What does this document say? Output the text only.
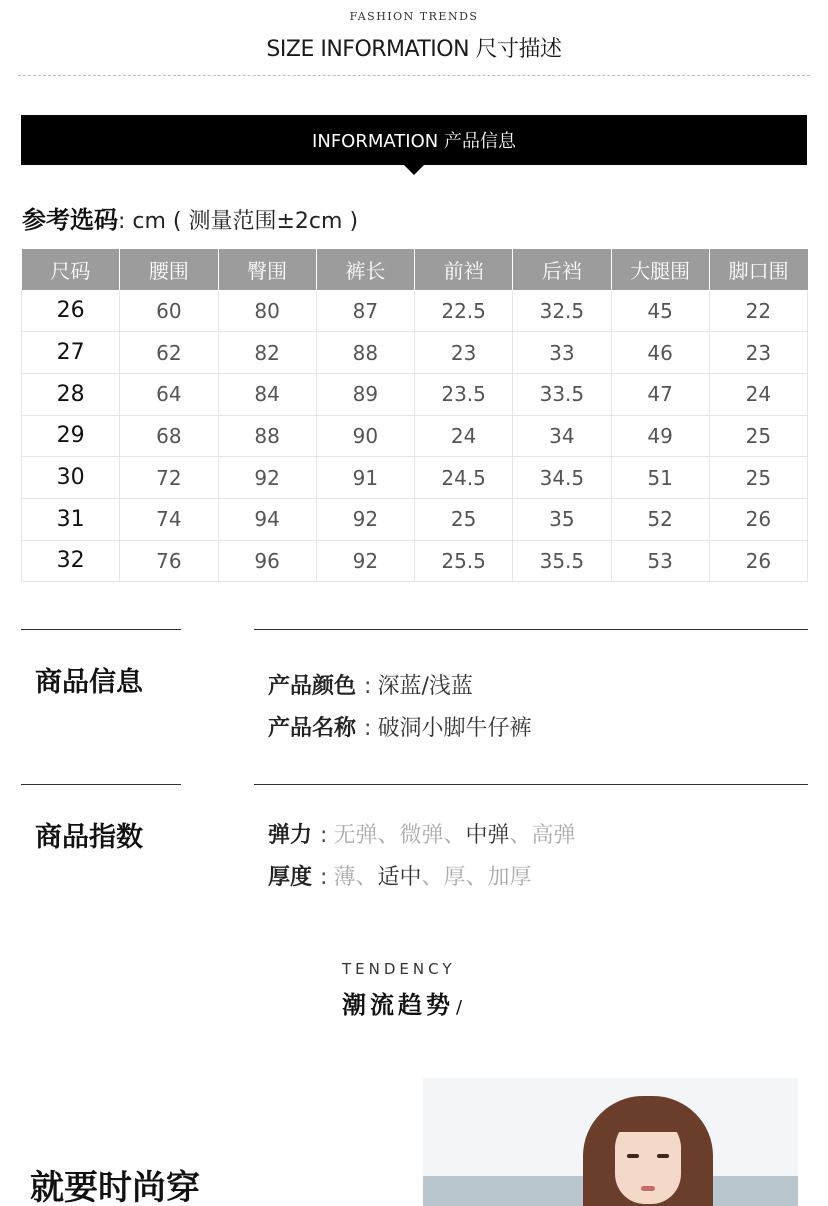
FASHION TRENDS
SIZE INFORMATION 尺寸描述
INFORMATION 产品信息
参考选码 : cm ( 测量范围±2cm )
尺码	腰围	臀围	裤长	前裆	后裆	大腿围	脚口围
26	60	80	87	22.5	32.5	45	22
27	62	82	88	23	33	46	23
28	64	84	89	23.5	33.5	47	24
29	68	88	90	24	34	49	25
30	72	92	91	24.5	34.5	51	25
31	74	94	92	25	35	52	26
32	76	96	92	25.5	35.5	53	26
商品信息	产品颜色 : 深蓝/浅蓝
产品名称 : 破洞小脚牛仔裤
商品指数	弹力 : 无弹、微弹、中弹、高弹
厚度 : 薄、适中、厚、加厚
TENDENCY
潮流趋势 /
就要时尚穿
